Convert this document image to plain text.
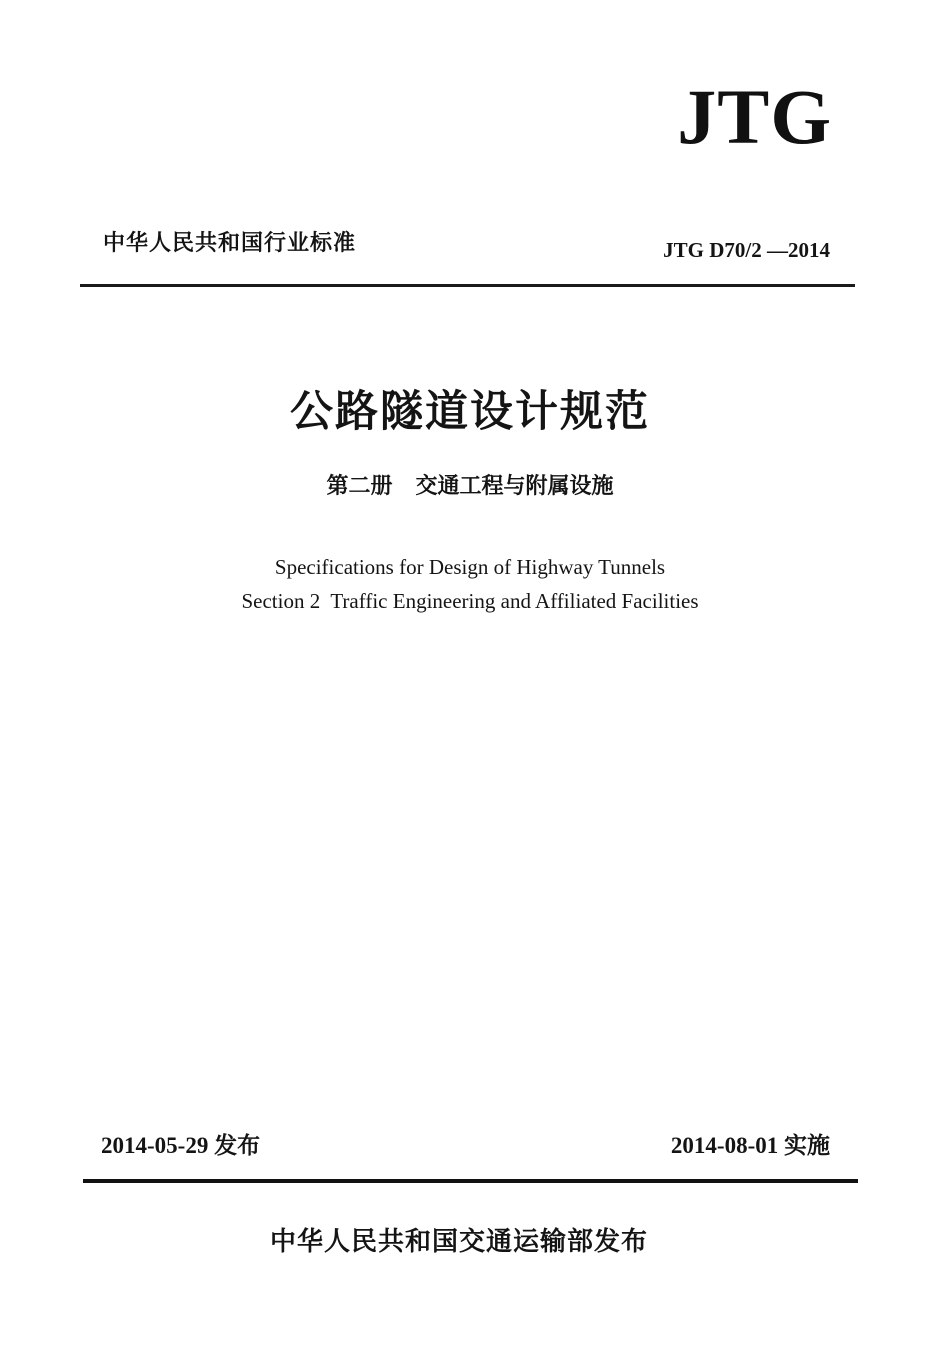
JTG
中华人民共和国行业标准	JTG D70/2 —2014
公路隧道设计规范
第二册   交通工程与附属设施
Specifications for Design of Highway Tunnels
Section 2  Traffic Engineering and Affiliated Facilities
2014-05-29 发布	2014-08-01 实施
中华人民共和国交通运输部发布
